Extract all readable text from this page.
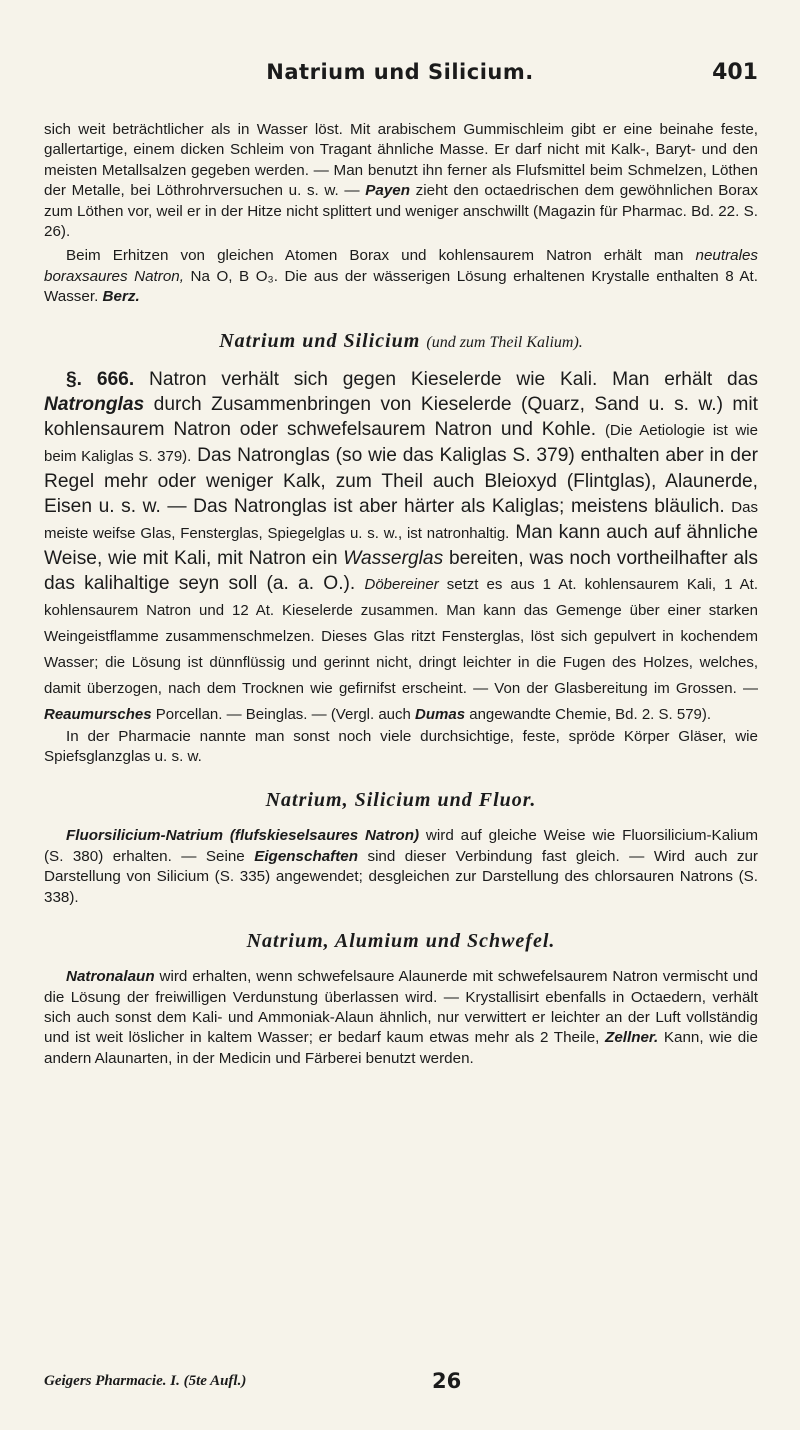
Natrium und Silicium.	401

sich weit beträchtlicher als in Wasser löst. Mit arabischem Gummischleim gibt er eine beinahe feste, gallertartige, einem dicken Schleim von Tragant ähnliche Masse. Er darf nicht mit Kalk-, Baryt- und den meisten Metallsalzen gegeben werden. — Man benutzt ihn ferner als Flufsmittel beim Schmelzen, Löthen der Metalle, bei Löthrohrversuchen u. s. w. — Payen zieht den octaedrischen dem gewöhnlichen Borax zum Löthen vor, weil er in der Hitze nicht splittert und weniger anschwillt (Magazin für Pharmac. Bd. 22. S. 26).

Beim Erhitzen von gleichen Atomen Borax und kohlensaurem Natron erhält man neutrales boraxsaures Natron, Na O, B O₃. Die aus der wässerigen Lösung erhaltenen Krystalle enthalten 8 At. Wasser. Berz.

Natrium und Silicium (und zum Theil Kalium).

§. 666. Natron verhält sich gegen Kieselerde wie Kali. Man erhält das Natronglas durch Zusammenbringen von Kieselerde (Quarz, Sand u. s. w.) mit kohlensaurem Natron oder schwefelsaurem Natron und Kohle. (Die Aetiologie ist wie beim Kaliglas S. 379). Das Natronglas (so wie das Kaliglas S. 379) enthalten aber in der Regel mehr oder weniger Kalk, zum Theil auch Bleioxyd (Flintglas), Alaunerde, Eisen u. s. w. — Das Natronglas ist aber härter als Kaliglas; meistens bläulich. Das meiste weifse Glas, Fensterglas, Spiegelglas u. s. w., ist natronhaltig. Man kann auch auf ähnliche Weise, wie mit Kali, mit Natron ein Wasserglas bereiten, was noch vortheilhafter als das kalihaltige seyn soll (a. a. O.). Döbereiner setzt es aus 1 At. kohlensaurem Kali, 1 At. kohlensaurem Natron und 12 At. Kieselerde zusammen. Man kann das Gemenge über einer starken Weingeistflamme zusammenschmelzen. Dieses Glas ritzt Fensterglas, löst sich gepulvert in kochendem Wasser; die Lösung ist dünnflüssig und gerinnt nicht, dringt leichter in die Fugen des Holzes, welches, damit überzogen, nach dem Trocknen wie gefirnifst erscheint. — Von der Glasbereitung im Grossen. — Reaumursches Porcellan. — Beinglas. — (Vergl. auch Dumas angewandte Chemie, Bd. 2. S. 579).

In der Pharmacie nannte man sonst noch viele durchsichtige, feste, spröde Körper Gläser, wie Spiefsglanzglas u. s. w.

Natrium, Silicium und Fluor.

Fluorsilicium-Natrium (flufskieselsaures Natron) wird auf gleiche Weise wie Fluorsilicium-Kalium (S. 380) erhalten. — Seine Eigenschaften sind dieser Verbindung fast gleich. — Wird auch zur Darstellung von Silicium (S. 335) angewendet; desgleichen zur Darstellung des chlorsauren Natrons (S. 338).

Natrium, Alumium und Schwefel.

Natronalaun wird erhalten, wenn schwefelsaure Alaunerde mit schwefelsaurem Natron vermischt und die Lösung der freiwilligen Verdunstung überlassen wird. — Krystallisirt ebenfalls in Octaedern, verhält sich auch sonst dem Kali- und Ammoniak-Alaun ähnlich, nur verwittert er leichter an der Luft vollständig und ist weit löslicher in kaltem Wasser; er bedarf kaum etwas mehr als 2 Theile, Zellner. Kann, wie die andern Alaunarten, in der Medicin und Färberei benutzt werden.

Geigers Pharmacie. I. (5te Aufl.)	26
